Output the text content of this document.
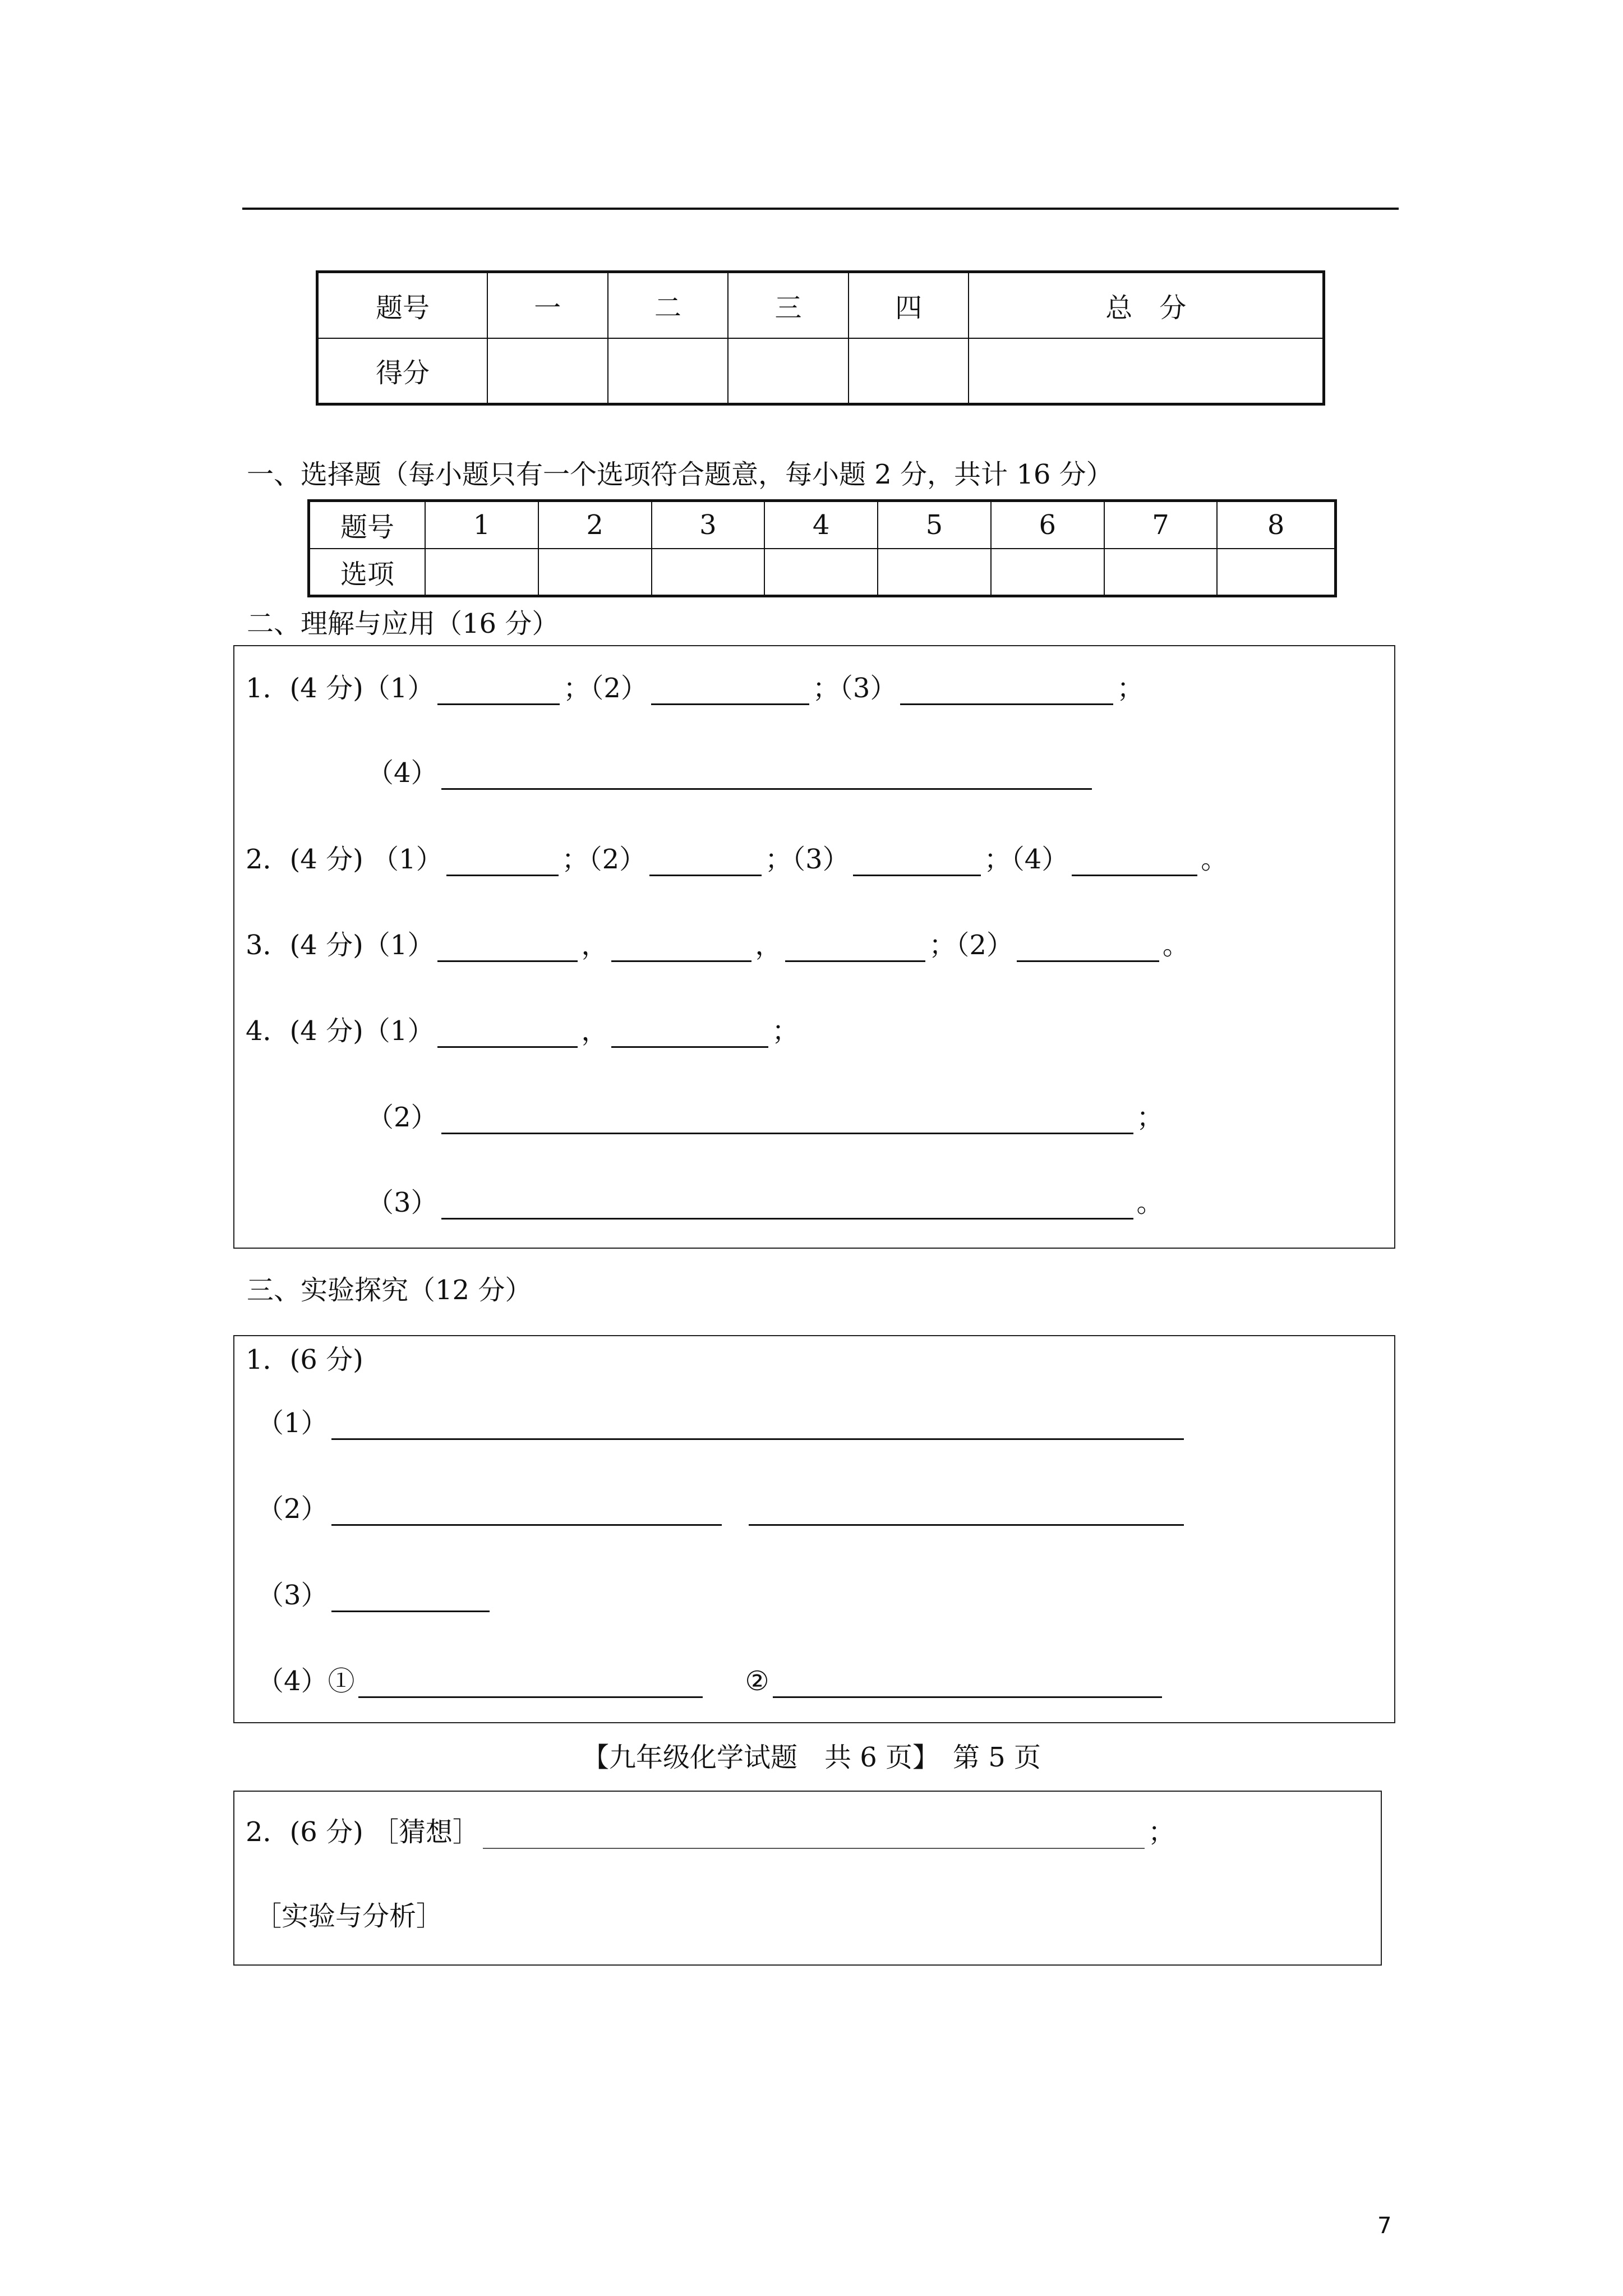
题号	一	二	三	四	总　分
得分					
一、选择题（每小题只有一个选项符合题意，每小题 2 分，共计 16 分）
题号	1	2	3	4	5	6	7	8
选项								
二、理解与应用（16 分）
1．(4 分)（1）	；（2）	；（3）	；
（4）
2．(4 分) （1）	；（2）	；（3）	；（4）	。
3．(4 分)（1）	，	，	；（2）	。
4．(4 分)（1）	，	；
（2）	；
（3）	。
三、实验探究（12 分）
1．(6 分)
（1）
（2）
（3）
（4）①	②
【九年级化学试题　共 6 页】　第 5 页
2．(6 分) ［猜想］	；
［实验与分析］
7
